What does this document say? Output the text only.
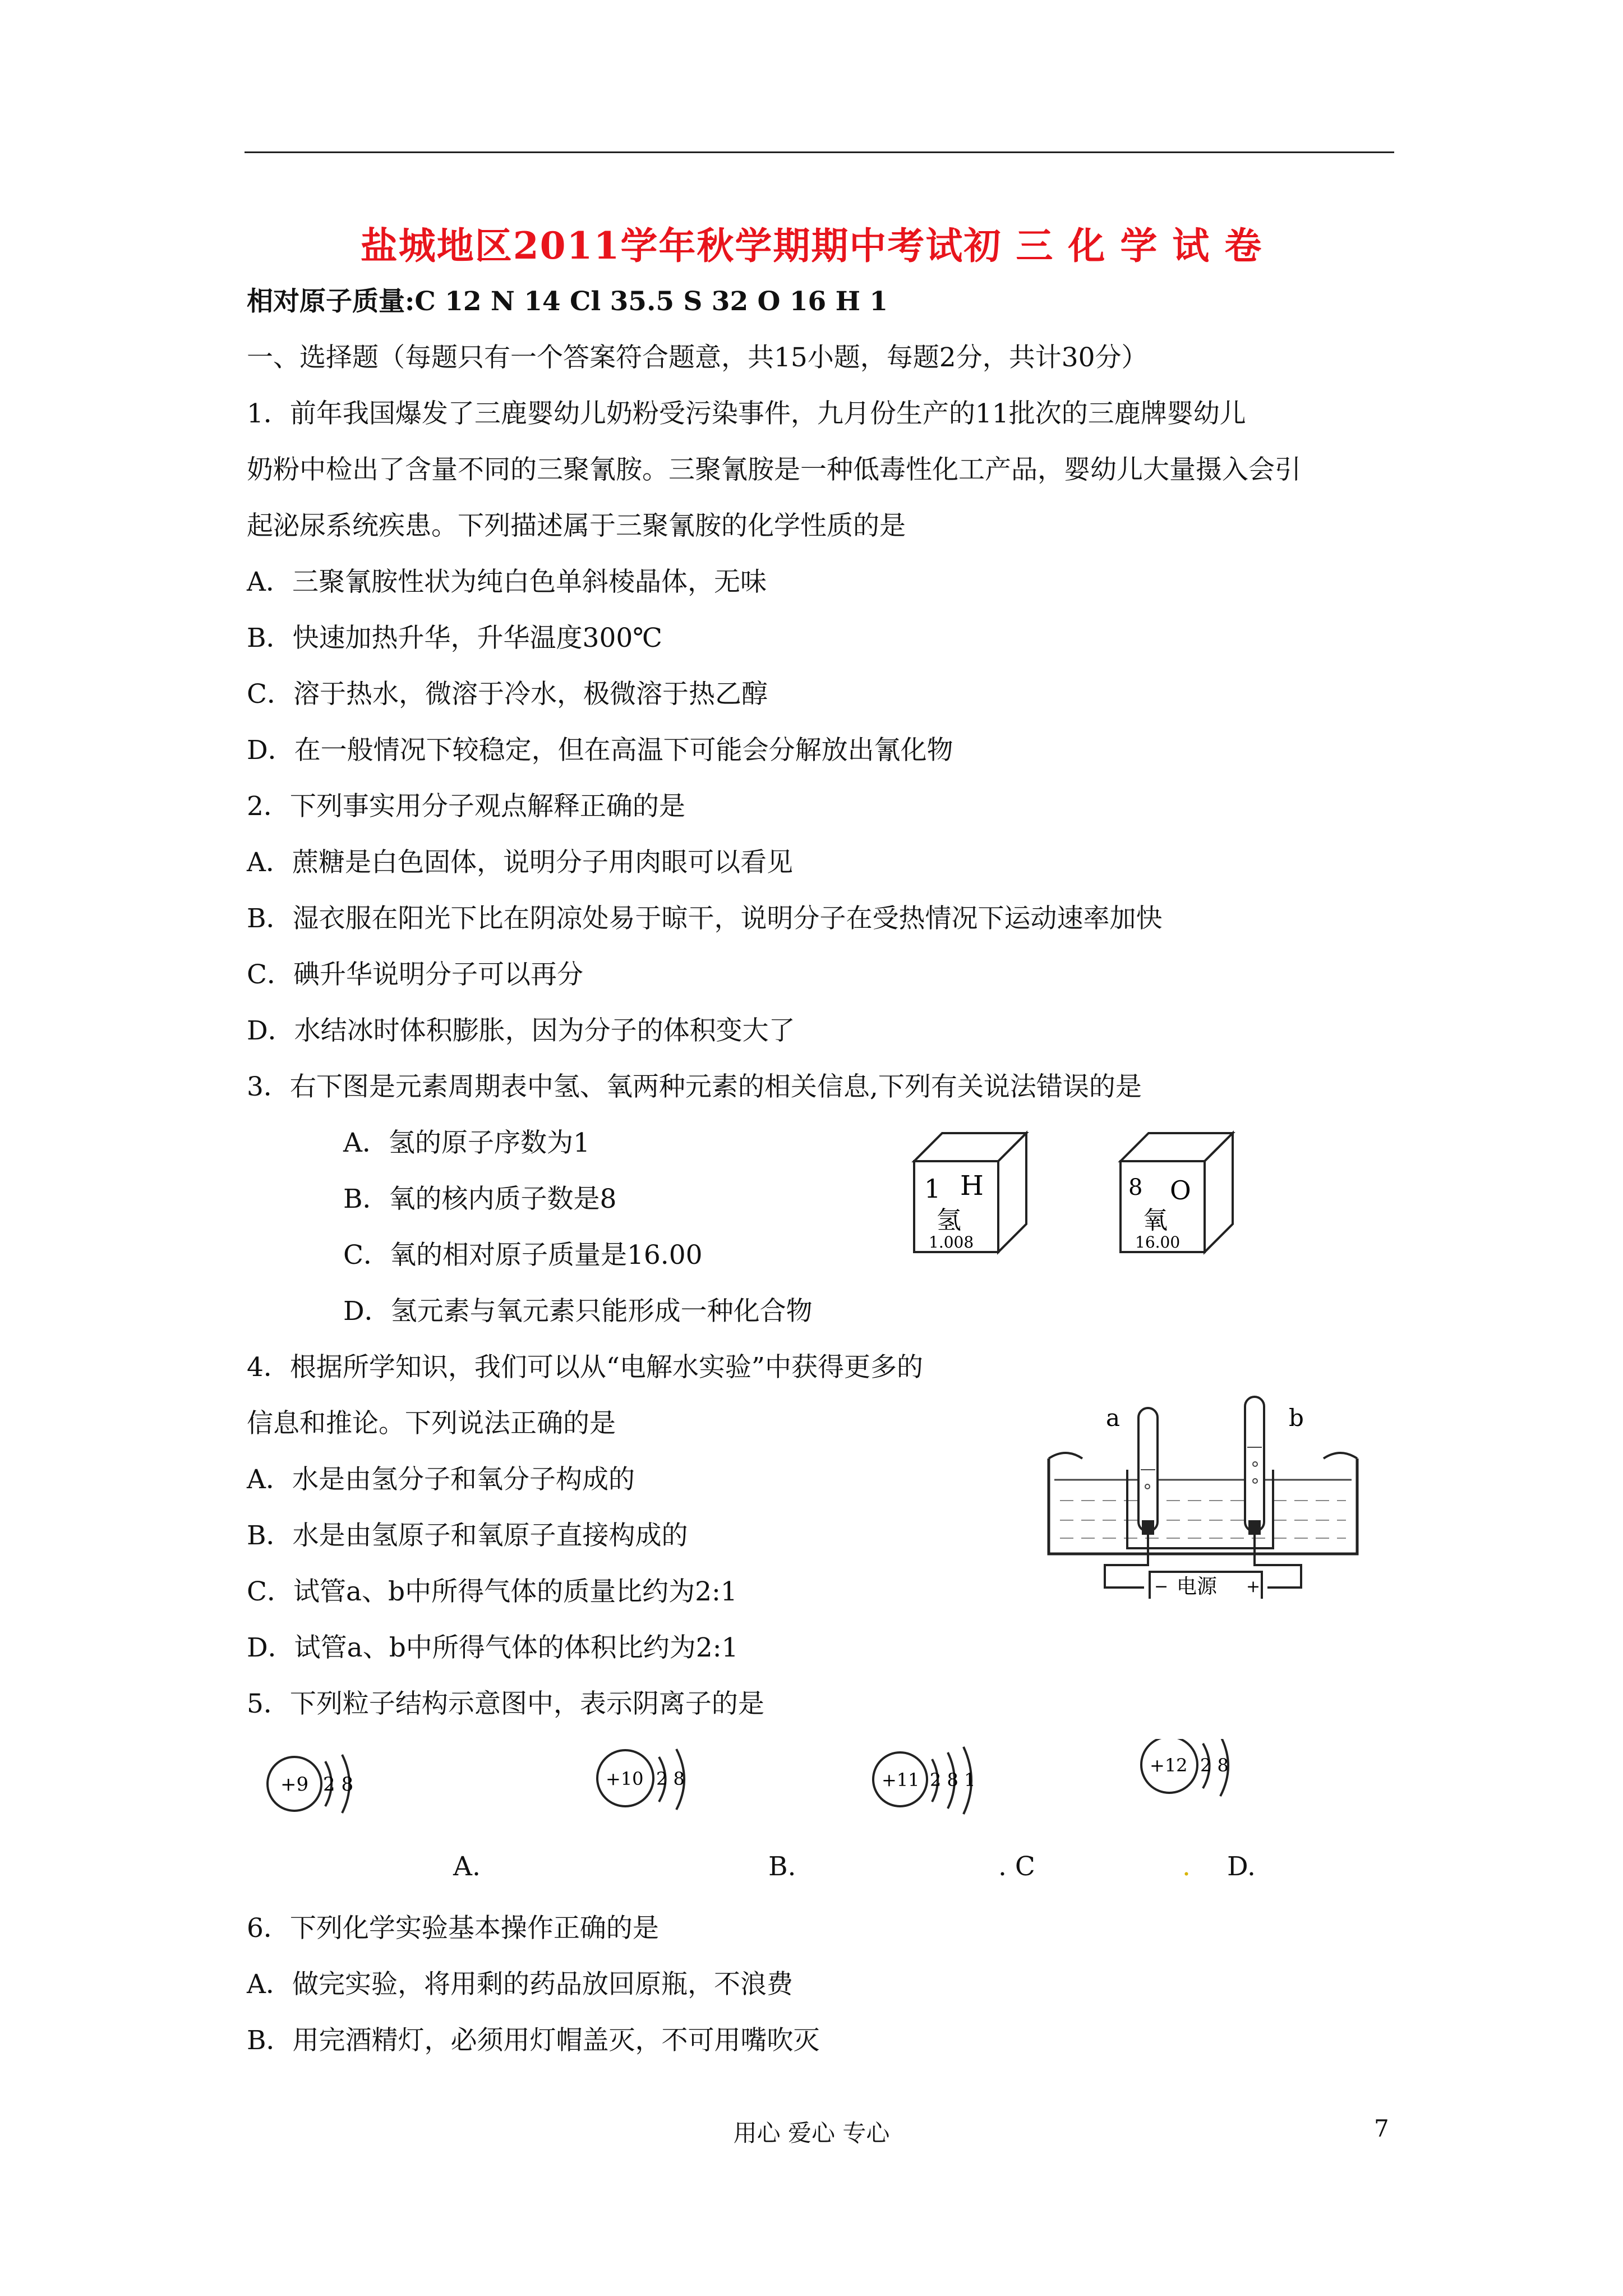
盐城地区2011学年秋学期期中考试初 三 化 学 试 卷
相对原子质量:C 12 N 14 Cl 35.5 S 32 O 16 H 1
一、选择题（每题只有一个答案符合题意，共15小题，每题2分，共计30分）
1．前年我国爆发了三鹿婴幼儿奶粉受污染事件，九月份生产的11批次的三鹿牌婴幼儿
奶粉中检出了含量不同的三聚氰胺。三聚氰胺是一种低毒性化工产品，婴幼儿大量摄入会引
起泌尿系统疾患。下列描述属于三聚氰胺的化学性质的是
A．三聚氰胺性状为纯白色单斜棱晶体，无味
B．快速加热升华，升华温度300℃
C．溶于热水，微溶于冷水，极微溶于热乙醇
D．在一般情况下较稳定，但在高温下可能会分解放出氰化物
2．下列事实用分子观点解释正确的是
A．蔗糖是白色固体，说明分子用肉眼可以看见
B．湿衣服在阳光下比在阴凉处易于晾干，说明分子在受热情况下运动速率加快
C．碘升华说明分子可以再分
D．水结冰时体积膨胀，因为分子的体积变大了
3．右下图是元素周期表中氢、氧两种元素的相关信息,下列有关说法错误的是
A．氢的原子序数为1
B．氧的核内质子数是8
C．氧的相对原子质量是16.00
D．氢元素与氧元素只能形成一种化合物
1 H
氢
1.008
8 O
氧
16.00
4．根据所学知识，我们可以从“电解水实验”中获得更多的
信息和推论。下列说法正确的是
A．水是由氢分子和氧分子构成的
B．水是由氢原子和氧原子直接构成的
C．试管a、b中所得气体的质量比约为2:1
D．试管a、b中所得气体的体积比约为2:1
a	b
− 电源 +
5．下列粒子结构示意图中，表示阴离子的是
+9 2 8	+10 2 8	+11 2 8 1
+12 2 8
A.	B.	. C	. D.
6．下列化学实验基本操作正确的是
A．做完实验，将用剩的药品放回原瓶，不浪费
B．用完酒精灯，必须用灯帽盖灭，不可用嘴吹灭
用心 爱心 专心	7
